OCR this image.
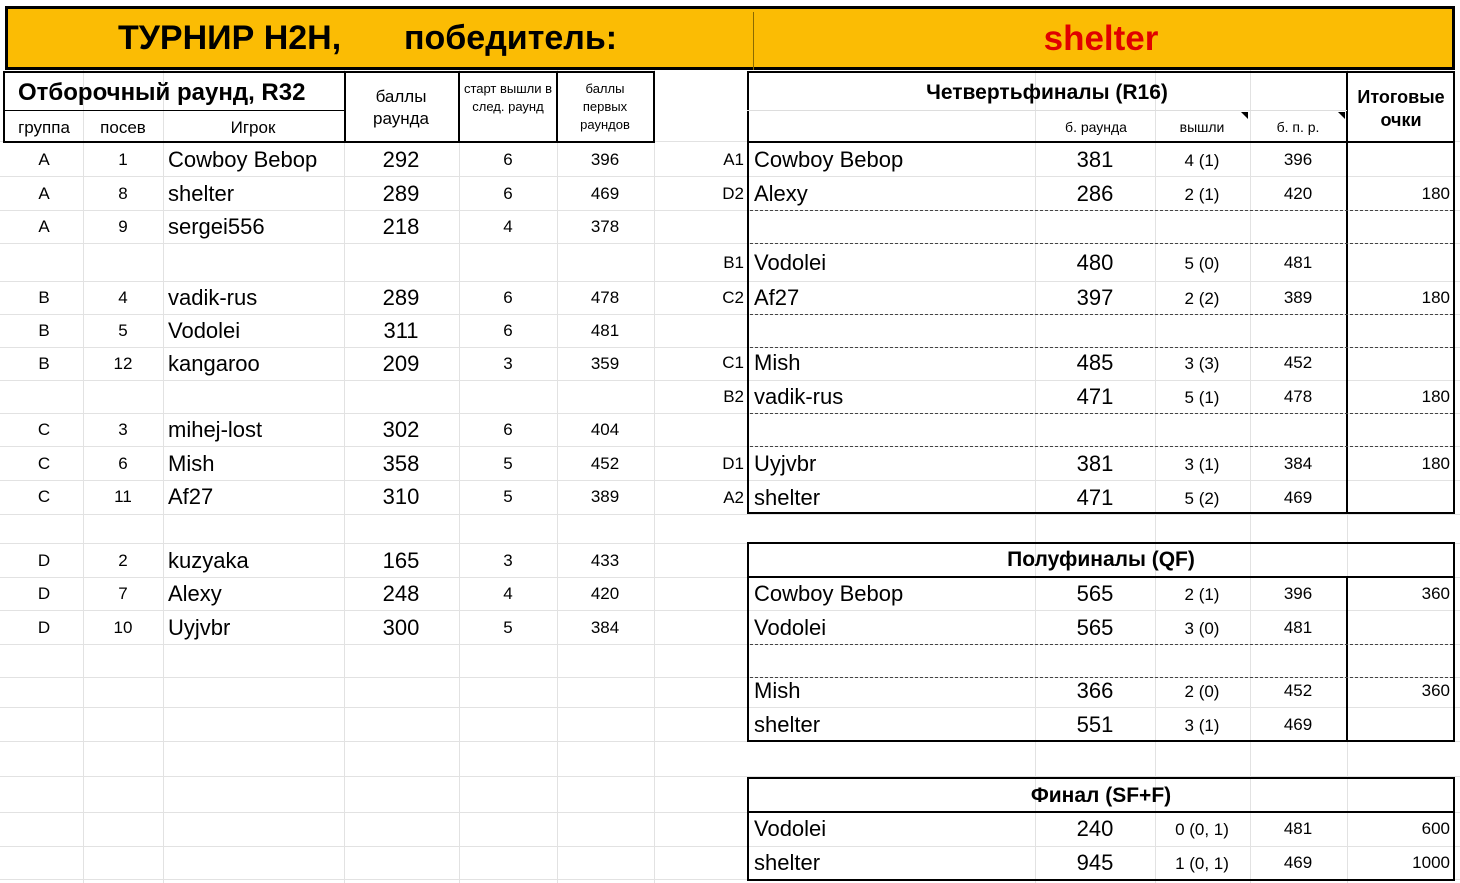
ТУРНИР H2H, победитель:	shelter
Отборочный раунд, R32
группа посев	Игрок
баллы раунда
старт вышли в след. раунд
баллы первых раундов
A	1 Cowboy Bebop	292	6	396
A	8 shelter	289	6	469
A	9 sergei556	218	4	378
B	4 vadik-rus	289	6	478
B	5 Vodolei	311	6	481
B	12 kangaroo	209	3	359
C	3 mihej-lost	302	6	404
C	6 Mish	358	5	452
C	11 Af27	310	5	389
D	2 kuzyaka	165	3	433
D	7 Alexy	248	4	420
D	10 Uyjvbr	300	5	384
Четвертьфиналы (R16)
б. раунда	вышли	б. п. р.
Итоговые очки
A1 Cowboy Bebop	381	4 (1)	396
D2 Alexy	286	2 (1)	420	180
B1 Vodolei	480	5 (0)	481
C2 Af27	397	2 (2)	389	180
C1 Mish	485	3 (3)	452
B2 vadik-rus	471	5 (1)	478	180
D1 Uyjvbr	381	3 (1)	384	180
A2 shelter	471	5 (2)	469
Полуфиналы (QF)
Cowboy Bebop	565	2 (1)	396	360
Vodolei	565	3 (0)	481
Mish	366	2 (0)	452	360
shelter	551	3 (1)	469
Финал (SF+F)
Vodolei	240	0 (0, 1)	481	600
shelter	945	1 (0, 1)	469	1000
